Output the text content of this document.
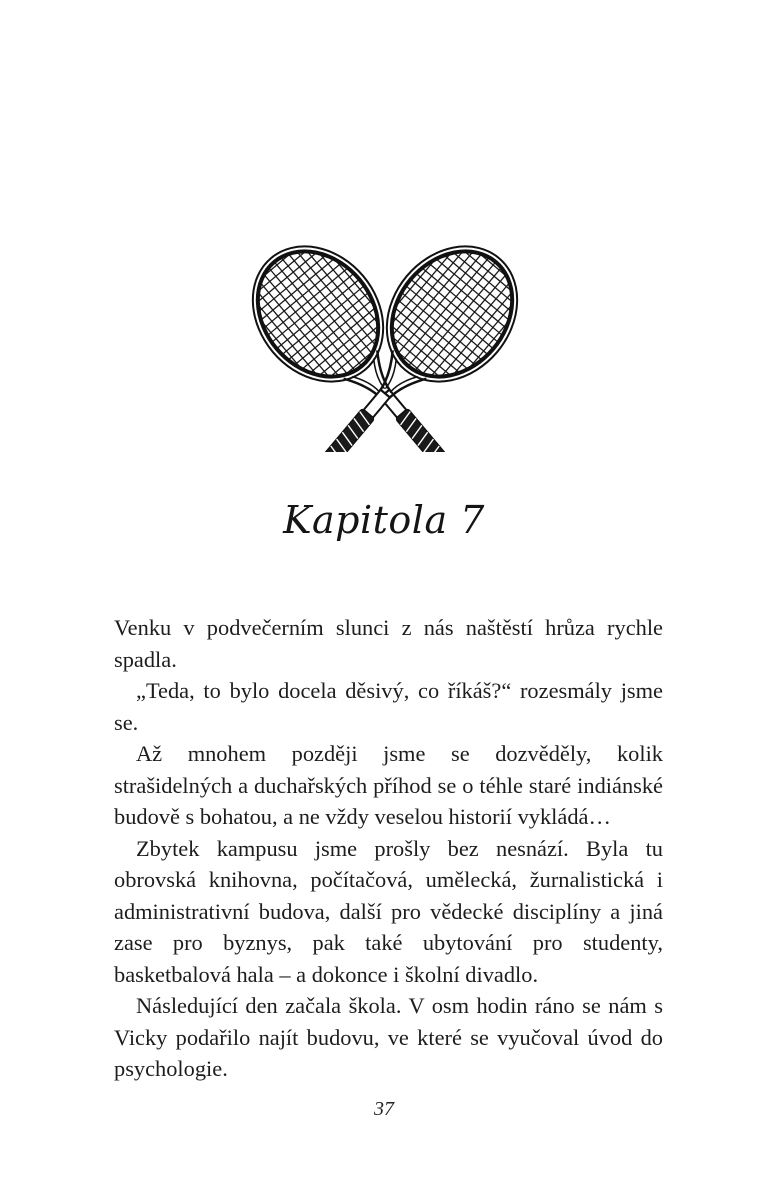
Kapitola 7

Venku v podvečerním slunci z nás naštěstí hrůza rychle spadla.

„Teda, to bylo docela děsivý, co říkáš?“ rozesmály jsme se.

Až mnohem později jsme se dozvěděly, kolik strašidelných a duchařských příhod se o téhle staré indiánské budově s bohatou, a ne vždy veselou historií vykládá…

Zbytek kampusu jsme prošly bez nesnází. Byla tu obrovská knihovna, počítačová, umělecká, žurnalistická i administrativní budova, další pro vědecké disciplíny a jiná zase pro byznys, pak také ubytování pro studenty, basketbalová hala – a dokonce i školní divadlo.

Následující den začala škola. V osm hodin ráno se nám s Vicky podařilo najít budovu, ve které se vyučoval úvod do psychologie.

37
